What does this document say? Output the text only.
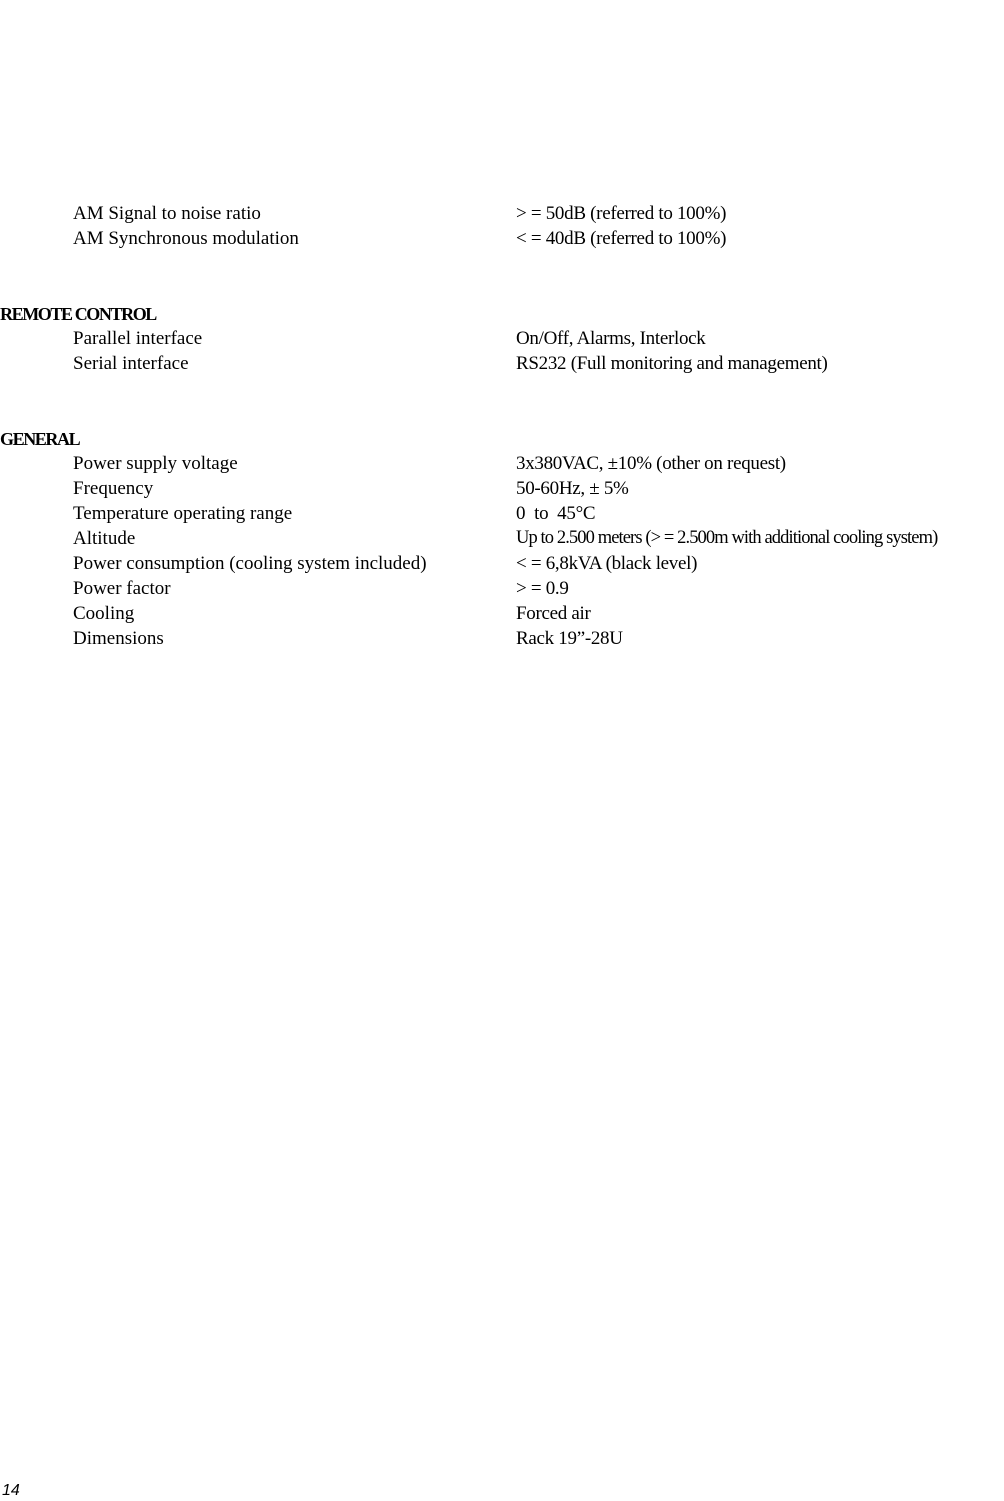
AM Signal to noise ratio	> = 50dB (referred to 100%)
AM Synchronous modulation	< = 40dB (referred to 100%)
REMOTE CONTROL
Parallel interface	On/Off, Alarms, Interlock
Serial interface	RS232 (Full monitoring and management)
GENERAL
Power supply voltage	3x380VAC, ±10% (other on request)
Frequency	50-60Hz, ± 5%
Temperature operating range	0  to  45°C
Altitude	Up to 2.500 meters (> = 2.500m with additional cooling system)
Power consumption (cooling system included)	< = 6,8kVA (black level)
Power factor	> = 0.9
Cooling	Forced air
Dimensions	Rack 19”-28U
14
